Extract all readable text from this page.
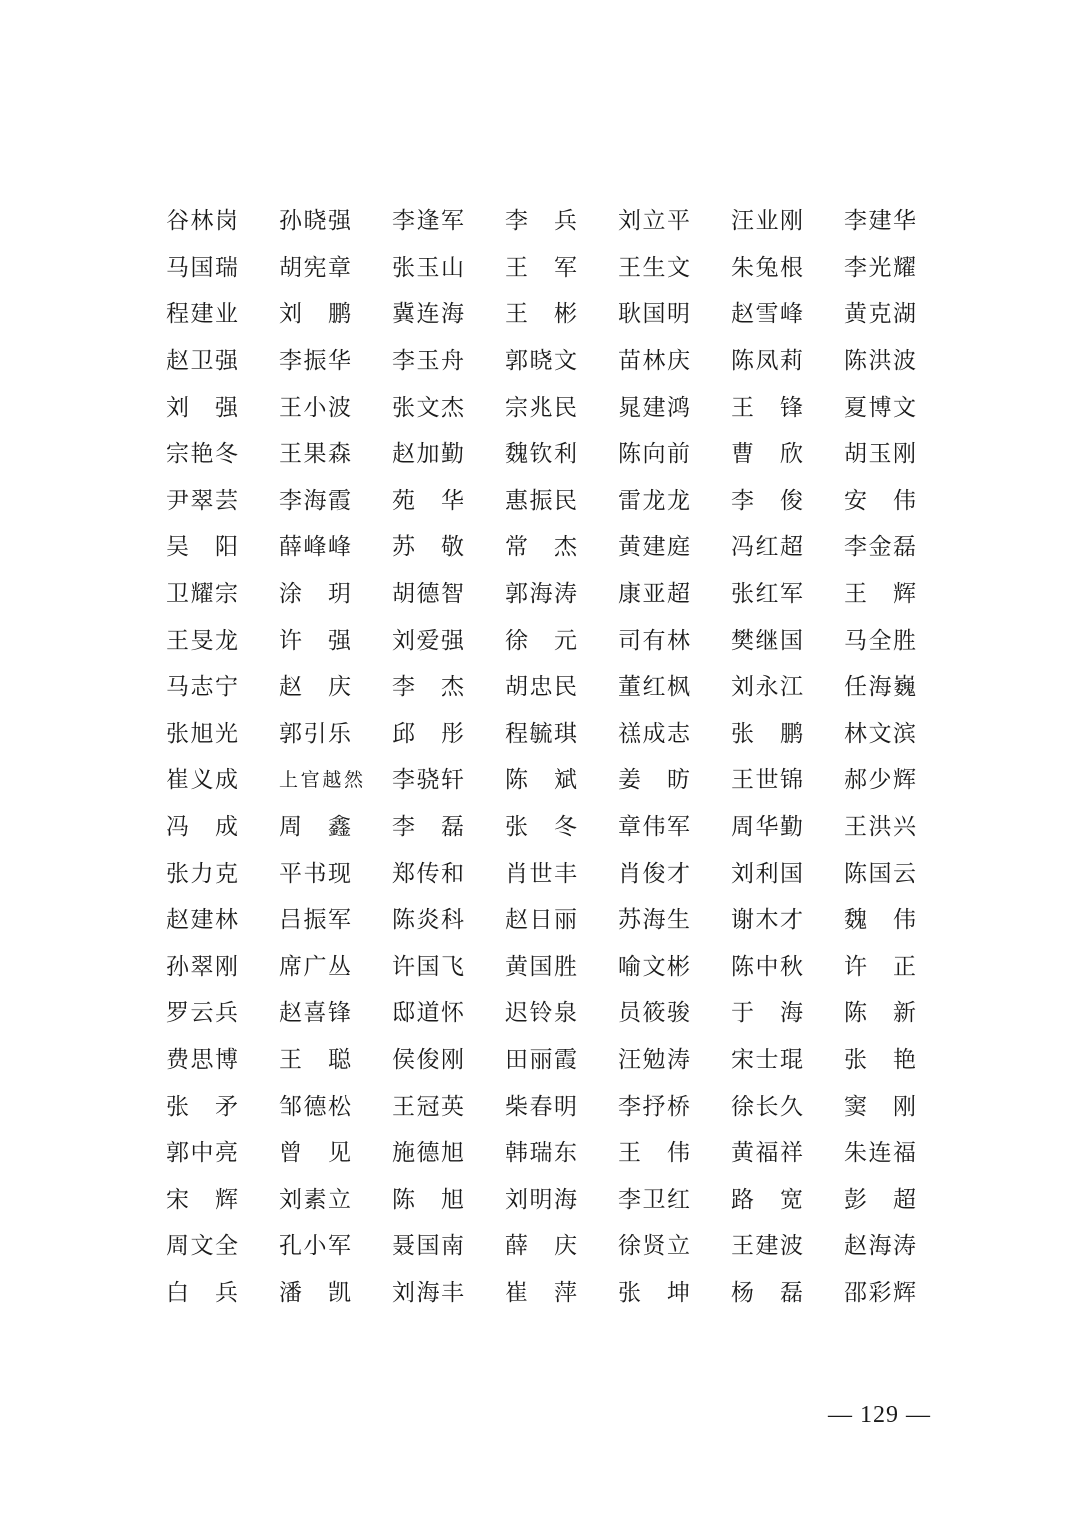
谷 林 岗 孙 晓 强 李 逢 军 李 兵 刘 立 平 汪 业 刚 李 建 华
马 国 瑞 胡 宪 章 张 玉 山 王 军 王 生 文 朱 兔 根 李 光 耀
程 建 业 刘 鹏 冀 连 海 王 彬 耿 国 明 赵 雪 峰 黄 克 湖
赵 卫 强 李 振 华 李 玉 舟 郭 晓 文 苗 林 庆 陈 凤 莉 陈 洪 波
刘 强 王 小 波 张 文 杰 宗 兆 民 晁 建 鸿 王 锋 夏 博 文
宗 艳 冬 王 果 森 赵 加 勤 魏 钦 利 陈 向 前 曹 欣 胡 玉 刚
尹 翠 芸 李 海 霞 苑 华 惠 振 民 雷 龙 龙 李 俊 安 伟
吴 阳 薛 峰 峰 苏 敬 常 杰 黄 建 庭 冯 红 超 李 金 磊
卫 耀 宗 涂 玥 胡 德 智 郭 海 涛 康 亚 超 张 红 军 王 辉
王 旻 龙 许 强 刘 爱 强 徐 元 司 有 林 樊 继 国 马 全 胜
马 志 宁 赵 庆 李 杰 胡 忠 民 董 红 枫 刘 永 江 任 海 巍
张 旭 光 郭 引 乐 邱 彤 程 毓 琪 禚 成 志 张 鹏 林 文 滨
崔 义 成 上 官 越 然 李 骁 轩 陈 斌 姜 昉 王 世 锦 郝 少 辉
冯 成 周 鑫 李 磊 张 冬 章 伟 军 周 华 勤 王 洪 兴
张 力 克 平 书 现 郑 传 和 肖 世 丰 肖 俊 才 刘 利 国 陈 国 云
赵 建 林 吕 振 军 陈 炎 科 赵 日 丽 苏 海 生 谢 木 才 魏 伟
孙 翠 刚 席 广 丛 许 国 飞 黄 国 胜 喻 文 彬 陈 中 秋 许 正
罗 云 兵 赵 喜 锋 邸 道 怀 迟 铃 泉 员 筱 骏 于 海 陈 新
费 思 博 王 聪 侯 俊 刚 田 丽 霞 汪 勉 涛 宋 士 琨 张 艳
张 矛 邹 德 松 王 冠 英 柴 春 明 李 抒 桥 徐 长 久 窦 刚
郭 中 亮 曾 见 施 德 旭 韩 瑞 东 王 伟 黄 福 祥 朱 连 福
宋 辉 刘 素 立 陈 旭 刘 明 海 李 卫 红 路 宽 彭 超
周 文 全 孔 小 军 聂 国 南 薛 庆 徐 贤 立 王 建 波 赵 海 涛
白 兵 潘 凯 刘 海 丰 崔 萍 张 坤 杨 磊 邵 彩 辉
— 129 —
